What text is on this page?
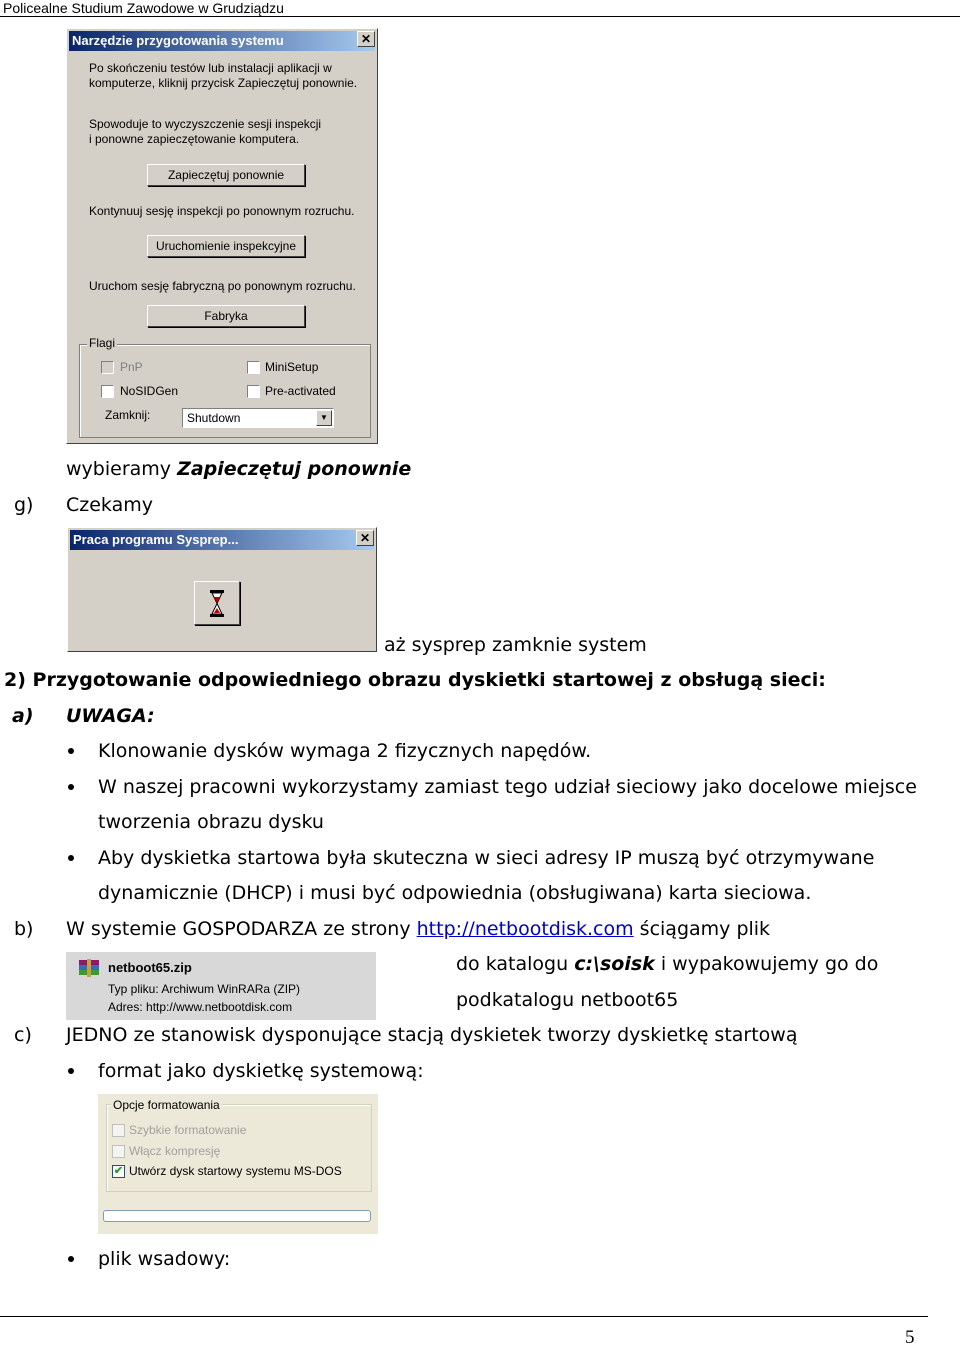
Policealne Studium Zawodowe w Grudziądzu
Narzędzie przygotowania systemu	✕
Po skończeniu testów lub instalacji aplikacji w
komputerze, kliknij przycisk Zapieczętuj ponownie.
Spowoduje to wyczyszczenie sesji inspekcji
i ponowne zapieczętowanie komputera.
Zapieczętuj ponownie
Kontynuuj sesję inspekcji po ponownym rozruchu.
Uruchomienie inspekcyjne
Uruchom sesję fabryczną po ponownym rozruchu.
Fabryka
Flagi
PnP	MiniSetup
NoSIDGen	Pre-activated
Zamknij:	Shutdown	▼
wybieramy Zapieczętuj ponownie
g) Czekamy
Praca programu Sysprep...	✕
aż sysprep zamknie system
2) Przygotowanie odpowiedniego obrazu dyskietki startowej z obsługą sieci:
a) UWAGA:
Klonowanie dysków wymaga 2 fizycznych napędów.
W naszej pracowni wykorzystamy zamiast tego udział sieciowy jako docelowe miejsce
tworzenia obrazu dysku
Aby dyskietka startowa była skuteczna w sieci adresy IP muszą być otrzymywane
dynamicznie (DHCP) i musi być odpowiednia (obsługiwana) karta sieciowa.
b) W systemie GOSPODARZA ze strony http://netbootdisk.com ściągamy plik
netboot65.zip
Typ pliku: Archiwum WinRARa (ZIP)
Adres: http://www.netbootdisk.com
do katalogu c:\soisk i wypakowujemy go do
podkatalogu netboot65
c) JEDNO ze stanowisk dysponujące stacją dyskietek tworzy dyskietkę startową
format jako dyskietkę systemową:
Opcje formatowania
Szybkie formatowanie
Włącz kompresję
✔ Utwórz dysk startowy systemu MS-DOS
plik wsadowy:
5
